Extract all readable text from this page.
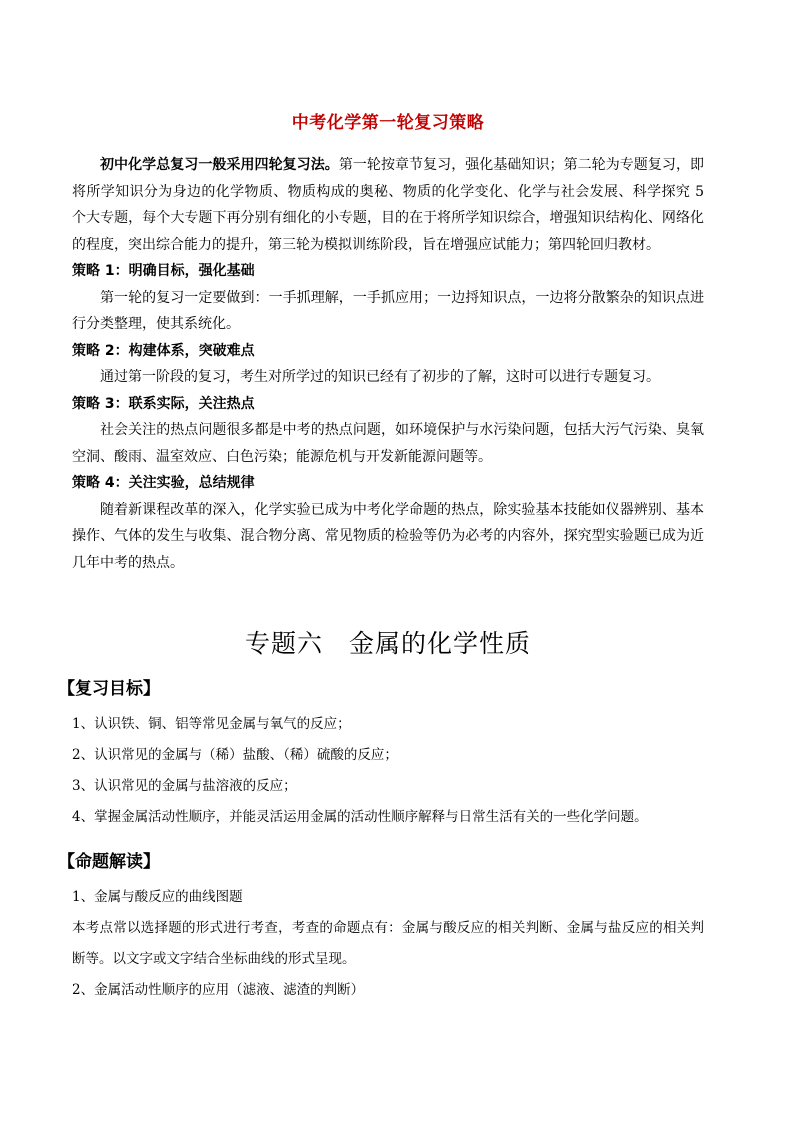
中考化学第一轮复习策略

初中化学总复习一般采用四轮复习法。第一轮按章节复习，强化基础知识；第二轮为专题复习，即将所学知识分为身边的化学物质、物质构成的奥秘、物质的化学变化、化学与社会发展、科学探究 5 个大专题，每个大专题下再分别有细化的小专题，目的在于将所学知识综合，增强知识结构化、网络化的程度，突出综合能力的提升，第三轮为模拟训练阶段，旨在增强应试能力；第四轮回归教材。

策略 1：明确目标，强化基础

第一轮的复习一定要做到：一手抓理解，一手抓应用；一边捋知识点，一边将分散繁杂的知识点进行分类整理，使其系统化。

策略 2：构建体系，突破难点

通过第一阶段的复习，考生对所学过的知识已经有了初步的了解，这时可以进行专题复习。

策略 3：联系实际，关注热点

社会关注的热点问题很多都是中考的热点问题，如环境保护与水污染问题，包括大污气污染、臭氧空洞、酸雨、温室效应、白色污染；能源危机与开发新能源问题等。

策略 4：关注实验，总结规律

随着新课程改革的深入，化学实验已成为中考化学命题的热点，除实验基本技能如仪器辨别、基本操作、气体的发生与收集、混合物分离、常见物质的检验等仍为必考的内容外，探究型实验题已成为近几年中考的热点。

专题六　金属的化学性质
【复习目标】

1、认识铁、铜、铝等常见金属与氧气的反应；

2、认识常见的金属与（稀）盐酸、（稀）硫酸的反应；

3、认识常见的金属与盐溶液的反应；

4、掌握金属活动性顺序，并能灵活运用金属的活动性顺序解释与日常生活有关的一些化学问题。

【命题解读】

1、金属与酸反应的曲线图题

本考点常以选择题的形式进行考查，考查的命题点有：金属与酸反应的相关判断、金属与盐反应的相关判断等。以文字或文字结合坐标曲线的形式呈现。

2、金属活动性顺序的应用（滤液、滤渣的判断）
